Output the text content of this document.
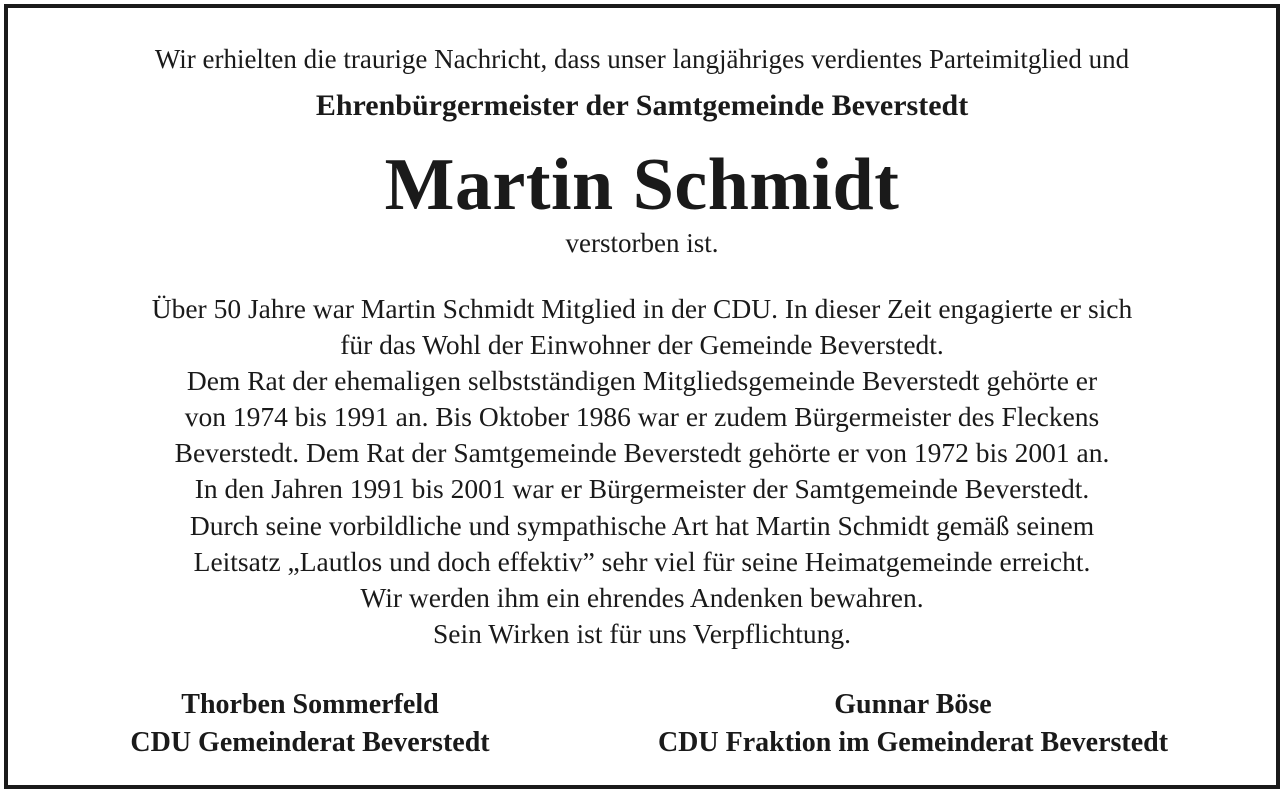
Wir erhielten die traurige Nachricht, dass unser langjähriges verdientes Parteimitglied und
Ehrenbürgermeister der Samtgemeinde Beverstedt
Martin Schmidt
verstorben ist.
Über 50 Jahre war Martin Schmidt Mitglied in der CDU. In dieser Zeit engagierte er sich
für das Wohl der Einwohner der Gemeinde Beverstedt.
Dem Rat der ehemaligen selbstständigen Mitgliedsgemeinde Beverstedt gehörte er
von 1974 bis 1991 an. Bis Oktober 1986 war er zudem Bürgermeister des Fleckens
Beverstedt. Dem Rat der Samtgemeinde Beverstedt gehörte er von 1972 bis 2001 an.
In den Jahren 1991 bis 2001 war er Bürgermeister der Samtgemeinde Beverstedt.
Durch seine vorbildliche und sympathische Art hat Martin Schmidt gemäß seinem
Leitsatz „Lautlos und doch effektiv” sehr viel für seine Heimatgemeinde erreicht.
Wir werden ihm ein ehrendes Andenken bewahren.
Sein Wirken ist für uns Verpflichtung.
Thorben Sommerfeld
CDU Gemeinderat Beverstedt
Gunnar Böse
CDU Fraktion im Gemeinderat Beverstedt
